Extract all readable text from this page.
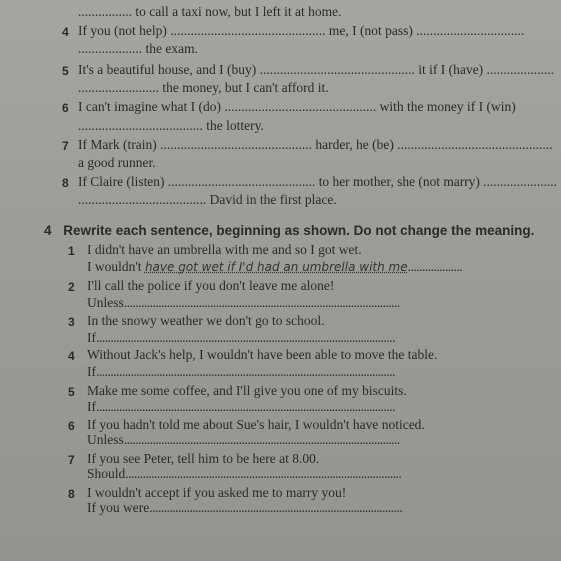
................ to call a taxi now, but I left it at home.
4 If you (not help) .............................................. me, I (not pass) ................................
................... the exam.
5 It's a beautiful house, and I (buy) .............................................. it if I (have) ....................
........................ the money, but I can't afford it.
6 I can't imagine what I (do) ............................................. with the money if I (win)
..................................... the lottery.
7 If Mark (train) ............................................. harder, he (be) ..............................................
a good runner.
8 If Claire (listen) ............................................ to her mother, she (not marry) ......................
...................................... David in the first place.
4 Rewrite each sentence, beginning as shown. Do not change the meaning.
1 I didn't have an umbrella with me and so I got wet.
I wouldn't have got wet if I'd had an umbrella with me...................
2 I'll call the police if you don't leave me alone!
Unless................................................................................................
3 In the snowy weather we don't go to school.
If........................................................................................................
4 Without Jack's help, I wouldn't have been able to move the table.
If........................................................................................................
5 Make me some coffee, and I'll give you one of my biscuits.
If........................................................................................................
6 If you hadn't told me about Sue's hair, I wouldn't have noticed.
Unless................................................................................................
7 If you see Peter, tell him to be here at 8.00.
Should................................................................................................
8 I wouldn't accept if you asked me to marry you!
If you were........................................................................................
